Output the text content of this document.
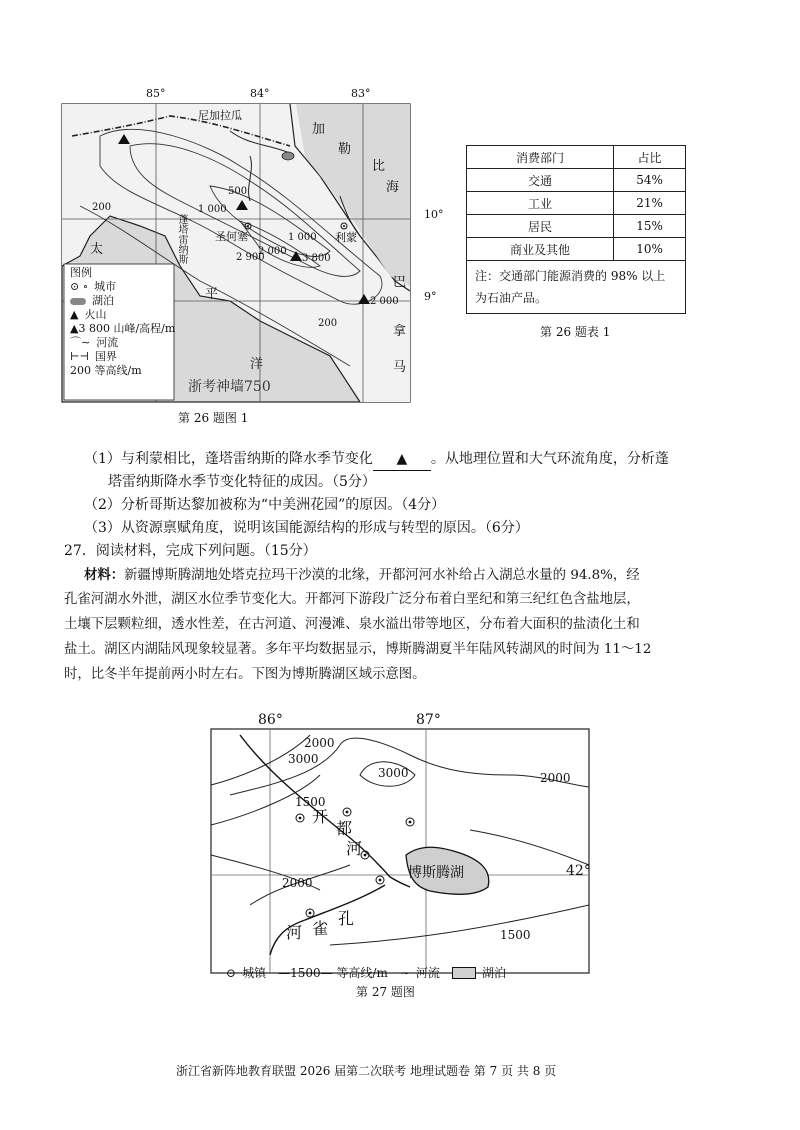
85°	84°	83°
10°
9°
尼加拉瓜
加
勒
比
海
太
平
洋
巴
拿
马
圣何塞	利蒙
蓬塔雷纳斯
200
500
1 000
2 000
1 000
200
2 000
3 800
2 900
图例
⊙ ∘ 城市
湖泊
▲ 火山
▲3 800 山峰/高程/m
⌒∼ 河流
⊢⊣ 国界
200 等高线/m
浙考神墙750
第 26 题图 1
消费部门	占比
交通	54%
工业	21%
居民	15%
商业及其他	10%
注：交通部门能源消费的 98% 以上为石油产品。	
第 26 题表 1
（1）与利蒙相比，蓬塔雷纳斯的降水季节变化 ▲ 。从地理位置和大气环流角度，分析蓬
塔雷纳斯降水季节变化特征的成因。（5分）
（2）分析哥斯达黎加被称为“中美洲花园”的原因。（4分）
（3）从资源禀赋角度，说明该国能源结构的形成与转型的原因。（6分）
27．阅读材料，完成下列问题。（15分）
材料：新疆博斯腾湖地处塔克拉玛干沙漠的北缘，开都河河水补给占入湖总水量的 94.8%，经
孔雀河湖水外泄，湖区水位季节变化大。开都河下游段广泛分布着白垩纪和第三纪红色含盐地层，
土壤下层颗粒细，透水性差，在古河道、河漫滩、泉水溢出带等地区，分布着大面积的盐渍化土和
盐土。湖区内湖陆风现象较显著。多年平均数据显示，博斯腾湖夏半年陆风转湖风的时间为 11～12
时，比冬半年提前两小时左右。下图为博斯腾湖区域示意图。
86°	87°
42°
2000
3000
3000	2000
1500
2000
1500
开
都
河
河 雀
孔
博斯腾湖
⊙ 城镇 —1500— 等高线/m ∼ 河流	湖泊
第 27 题图
浙江省新阵地教育联盟 2026 届第二次联考 地理试题卷 第 7 页 共 8 页
